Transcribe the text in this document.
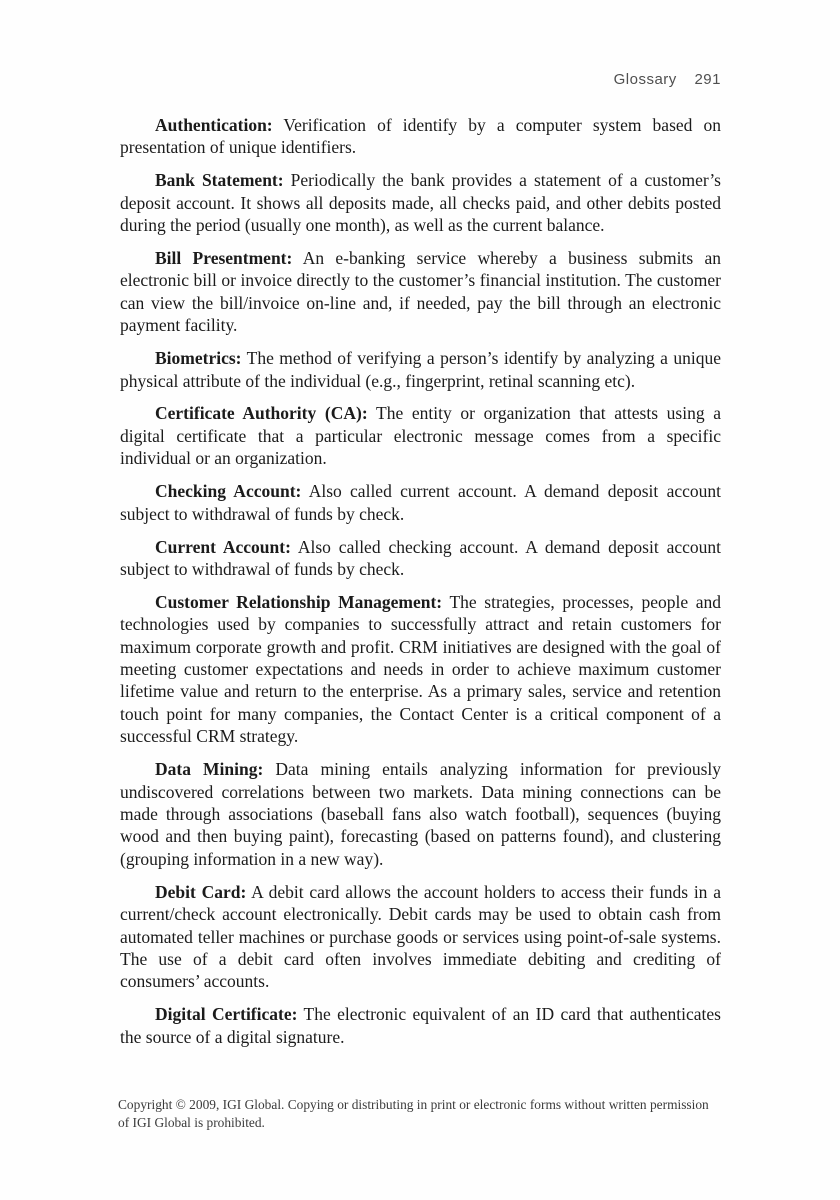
Glossary 291

Authentication: Verification of identify by a computer system based on presentation of unique identifiers.

Bank Statement: Periodically the bank provides a statement of a customer’s deposit account. It shows all deposits made, all checks paid, and other debits posted during the period (usually one month), as well as the current balance.

Bill Presentment: An e-banking service whereby a business submits an electronic bill or invoice directly to the customer’s financial institution. The customer can view the bill/invoice on-line and, if needed, pay the bill through an electronic payment facility.

Biometrics: The method of verifying a person’s identify by analyzing a unique physical attribute of the individual (e.g., fingerprint, retinal scanning etc).

Certificate Authority (CA): The entity or organization that attests using a digital certificate that a particular electronic message comes from a specific individual or an organization.

Checking Account: Also called current account. A demand deposit account subject to withdrawal of funds by check.

Current Account: Also called checking account. A demand deposit account subject to withdrawal of funds by check.

Customer Relationship Management: The strategies, processes, people and technologies used by companies to successfully attract and retain customers for maximum corporate growth and profit. CRM initiatives are designed with the goal of meeting customer expectations and needs in order to achieve maximum customer lifetime value and return to the enterprise. As a primary sales, service and retention touch point for many companies, the Contact Center is a critical component of a successful CRM strategy.

Data Mining: Data mining entails analyzing information for previously undiscovered correlations between two markets. Data mining connections can be made through associations (baseball fans also watch football), sequences (buying wood and then buying paint), forecasting (based on patterns found), and clustering (grouping information in a new way).

Debit Card: A debit card allows the account holders to access their funds in a current/check account electronically. Debit cards may be used to obtain cash from automated teller machines or purchase goods or services using point-of-sale systems. The use of a debit card often involves immediate debiting and crediting of consumers’ accounts.

Digital Certificate: The electronic equivalent of an ID card that authenticates the source of a digital signature.

Copyright © 2009, IGI Global. Copying or distributing in print or electronic forms without written permission
of IGI Global is prohibited.
